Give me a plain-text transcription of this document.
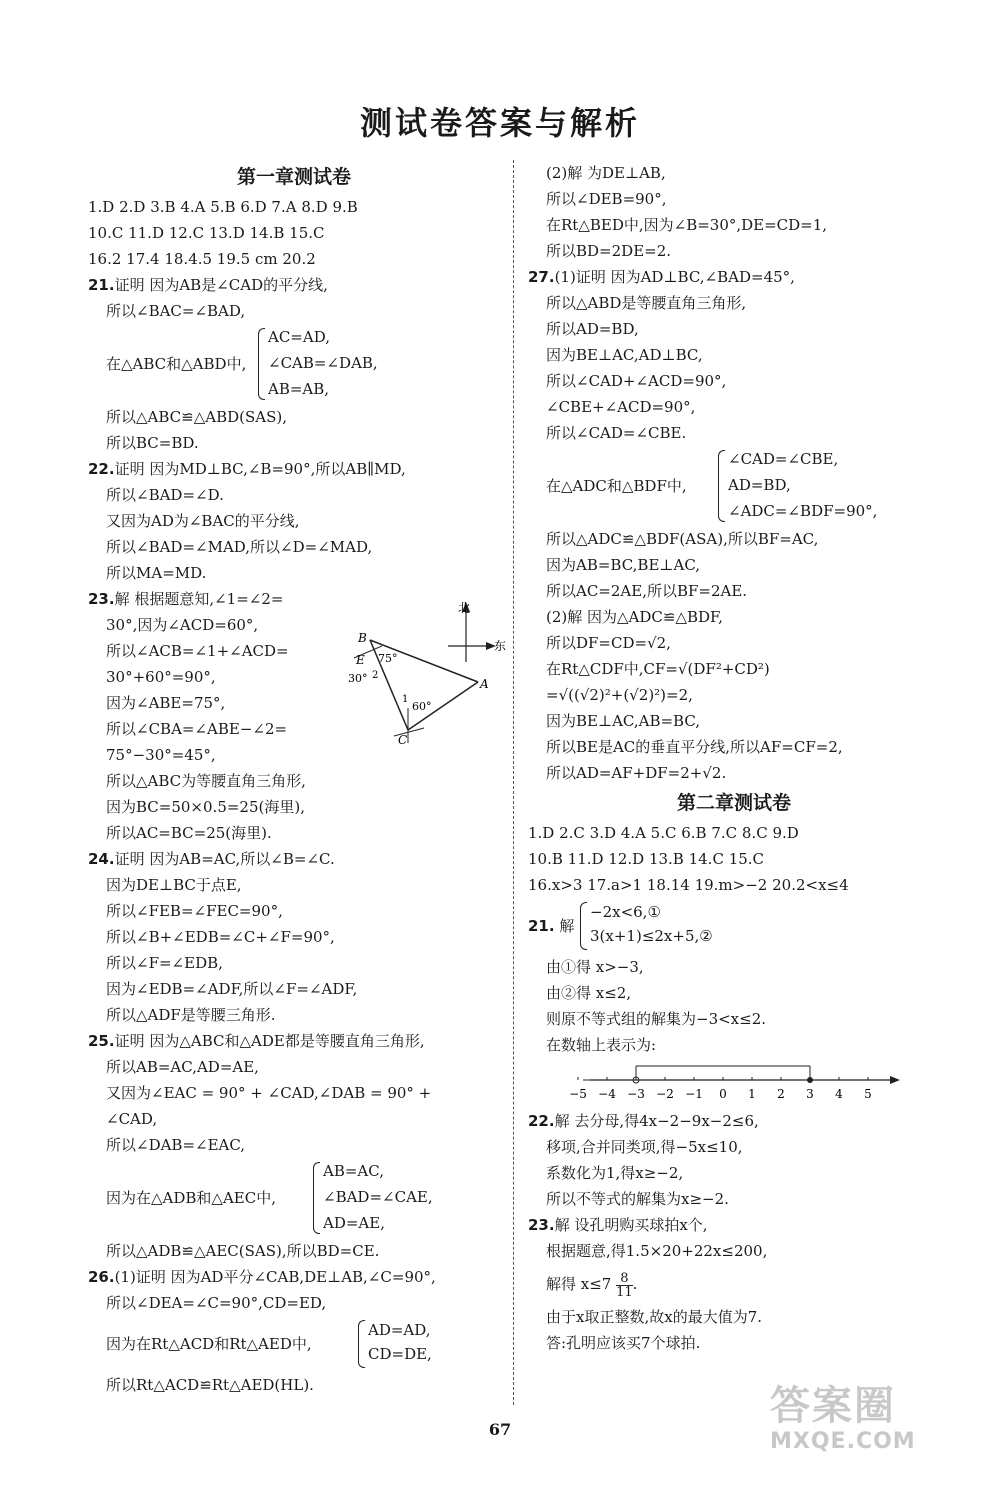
测试卷答案与解析
第一章测试卷
1.D 2.D 3.B 4.A 5.B 6.D 7.A 8.D 9.B
10.C 11.D 12.C 13.D 14.B 15.C
16.2 17.4 18.4.5 19.5 cm 20.2
21.证明 因为AB是∠CAD的平分线,
所以∠BAC=∠BAD,
在△ABC和△ABD中,
AC=AD,
∠CAB=∠DAB,
AB=AB,
所以△ABC≌△ABD(SAS),
所以BC=BD.
22.证明 因为MD⊥BC,∠B=90°,所以AB∥MD,
所以∠BAD=∠D.
又因为AD为∠BAC的平分线,
所以∠BAD=∠MAD,所以∠D=∠MAD,
所以MA=MD.
23.解 根据题意知,∠1=∠2=
30°,因为∠ACD=60°,
所以∠ACB=∠1+∠ACD=
30°+60°=90°,
因为∠ABE=75°,
所以∠CBA=∠ABE−∠2=
75°−30°=45°,
所以△ABC为等腰直角三角形,
因为BC=50×0.5=25(海里),
所以AC=BC=25(海里).
24.证明 因为AB=AC,所以∠B=∠C.
因为DE⊥BC于点E,
所以∠FEB=∠FEC=90°,
所以∠B+∠EDB=∠C+∠F=90°,
所以∠F=∠EDB,
因为∠EDB=∠ADF,所以∠F=∠ADF,
所以△ADF是等腰三角形.
25.证明 因为△ABC和△ADE都是等腰直角三角形,
所以AB=AC,AD=AE,
又因为∠EAC = 90° + ∠CAD,∠DAB = 90° +
∠CAD,
所以∠DAB=∠EAC,
因为在△ADB和△AEC中,
AB=AC,
∠BAD=∠CAE,
AD=AE,
所以△ADB≌△AEC(SAS),所以BD=CE.
26.(1)证明 因为AD平分∠CAB,DE⊥AB,∠C=90°,
所以∠DEA=∠C=90°,CD=ED,
因为在Rt△ACD和Rt△AED中,
AD=AD,
CD=DE,
所以Rt△ACD≌Rt△AED(HL).
北
东
B
E
A
C
75°
30° 2
1
60°
(2)解 为DE⊥AB,
所以∠DEB=90°,
在Rt△BED中,因为∠B=30°,DE=CD=1,
所以BD=2DE=2.
27.(1)证明 因为AD⊥BC,∠BAD=45°,
所以△ABD是等腰直角三角形,
所以AD=BD,
因为BE⊥AC,AD⊥BC,
所以∠CAD+∠ACD=90°,
∠CBE+∠ACD=90°,
所以∠CAD=∠CBE.
在△ADC和△BDF中,
∠CAD=∠CBE,
AD=BD,
∠ADC=∠BDF=90°,
所以△ADC≌△BDF(ASA),所以BF=AC,
因为AB=BC,BE⊥AC,
所以AC=2AE,所以BF=2AE.
(2)解 因为△ADC≌△BDF,
所以DF=CD=√2,
在Rt△CDF中,CF=√(DF²+CD²)
=√((√2)²+(√2)²)=2,
因为BE⊥AC,AB=BC,
所以BE是AC的垂直平分线,所以AF=CF=2,
所以AD=AF+DF=2+√2.
第二章测试卷
1.D 2.C 3.D 4.A 5.C 6.B 7.C 8.C 9.D
10.B 11.D 12.D 13.B 14.C 15.C
16.x>3 17.a>1 18.14 19.m>−2 20.2<x≤4
21. 解
−2x<6,①
3(x+1)≤2x+5,②
由①得 x>−3,
由②得 x≤2,
则原不等式组的解集为−3<x≤2.
在数轴上表示为:
−5 −4 −3 −2 −1 0 1 2 3 4 5
22.解 去分母,得4x−2−9x−2≤6,
移项,合并同类项,得−5x≤10,
系数化为1,得x≥−2,
所以不等式的解集为x≥−2.
23.解 设孔明购买球拍x个,
根据题意,得1.5×20+22x≤200,
解得 $x\le 7 \frac{8}{11}$ .
由于x取正整数,故x的最大值为7.
答:孔明应该买7个球拍.
67
答案圈
MXQE.COM
